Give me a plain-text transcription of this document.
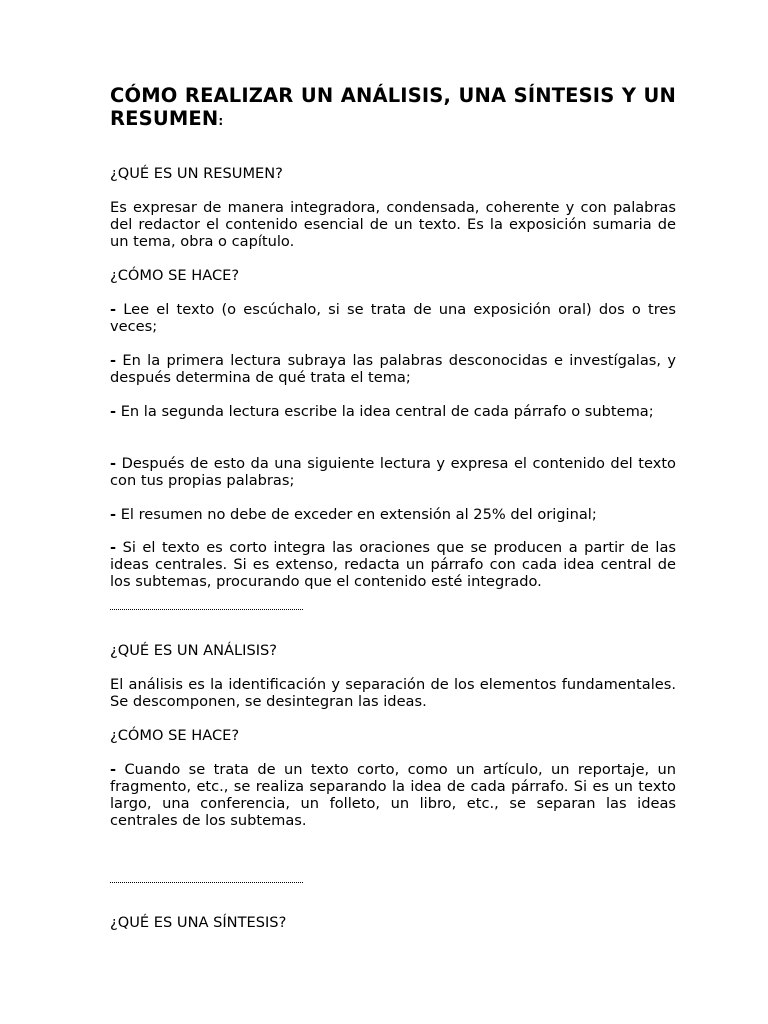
CÓMO REALIZAR UN ANÁLISIS, UNA SÍNTESIS Y UN RESUMEN:
¿QUÉ ES UN RESUMEN?

Es expresar de manera integradora, condensada, coherente y con palabras del redactor el contenido esencial de un texto. Es la exposición sumaria de un tema, obra o capítulo.

¿CÓMO SE HACE?

- Lee el texto (o escúchalo, si se trata de una exposición oral) dos o tres veces;

- En la primera lectura subraya las palabras desconocidas e investígalas, y después determina de qué trata el tema;

- En la segunda lectura escribe la idea central de cada párrafo o subtema;

- Después de esto da una siguiente lectura y expresa el contenido del texto con tus propias palabras;

- El resumen no debe de exceder en extensión al 25% del original;

- Si el texto es corto integra las oraciones que se producen a partir de las ideas centrales. Si es extenso, redacta un párrafo con cada idea central de los subtemas, procurando que el contenido esté integrado.

¿QUÉ ES UN ANÁLISIS?

El análisis es la identificación y separación de los elementos fundamentales. Se descomponen, se desintegran las ideas.

¿CÓMO SE HACE?

- Cuando se trata de un texto corto, como un artículo, un reportaje, un fragmento, etc., se realiza separando la idea de cada párrafo. Si es un texto largo, una conferencia, un folleto, un libro, etc., se separan las ideas centrales de los subtemas.

¿QUÉ ES UNA SÍNTESIS?
